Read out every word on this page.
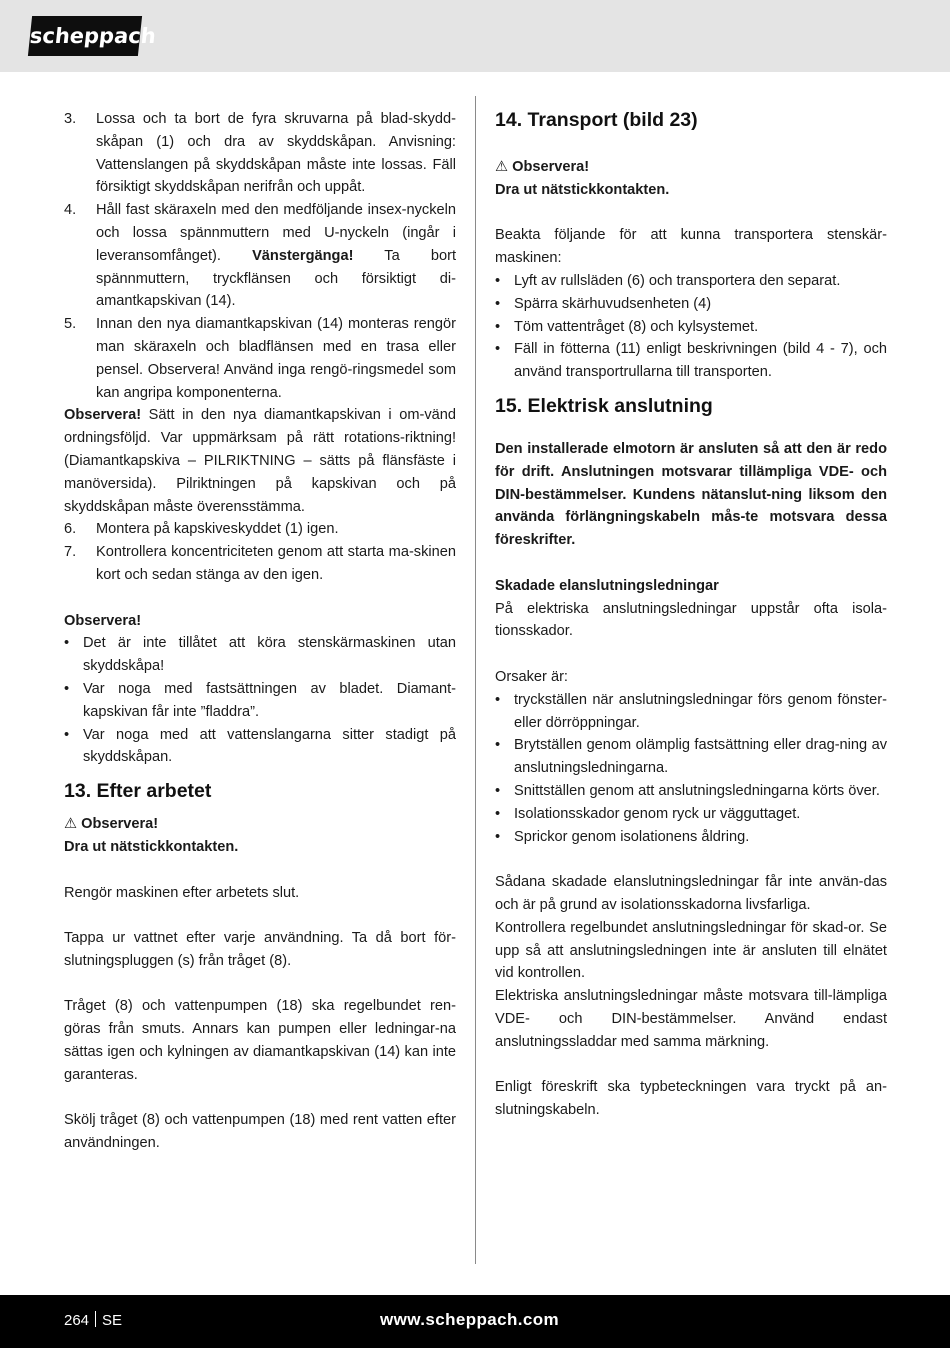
scheppach
3.	Lossa och ta bort de fyra skruvarna på blad-skydd-skåpan (1) och dra av skyddskåpan. Anvisning: Vattenslangen på skyddskåpan måste inte lossas. Fäll försiktigt skyddskåpan nerifrån och uppåt.
4.	Håll fast skäraxeln med den medföljande insex-nyckeln och lossa spännmuttern med U-nyckeln (ingår i leveransomfånget). Vänstergänga! Ta bort spännmuttern, tryckflänsen och försiktigt di-amantkapskivan (14).
5.	Innan den nya diamantkapskivan (14) monteras rengör man skäraxeln och bladflänsen med en trasa eller pensel. Observera! Använd inga rengö-ringsmedel som kan angripa komponenterna.

Observera! Sätt in den nya diamantkapskivan i om-vänd ordningsföljd. Var uppmärksam på rätt rotations-riktning! (Diamantkapskiva – PILRIKTNING – sätts på flänsfäste i manöversida). Pilriktningen på kapskivan och på skyddskåpan måste överensstämma.

6.	Montera på kapskiveskyddet (1) igen.
7.	Kontrollera koncentriciteten genom att starta ma-skinen kort och sedan stänga av den igen.

Observera!

• Det är inte tillåtet att köra stenskärmaskinen utan skyddskåpa!
• Var noga med fastsättningen av bladet. Diamant-kapskivan får inte ”fladdra”.
• Var noga med att vattenslangarna sitter stadigt på skyddskåpan.
13. Efter arbetet

⚠ Observera!

Dra ut nätstickkontakten.

Rengör maskinen efter arbetets slut.

Tappa ur vattnet efter varje användning. Ta då bort för-slutningspluggen (s) från tråget (8).

Tråget (8) och vattenpumpen (18) ska regelbundet ren-göras från smuts. Annars kan pumpen eller ledningar-na sättas igen och kylningen av diamantkapskivan (14) kan inte garanteras.

Skölj tråget (8) och vattenpumpen (18) med rent vatten efter användningen.

14. Transport (bild 23)

⚠ Observera!

Dra ut nätstickkontakten.

Beakta följande för att kunna transportera stenskär-maskinen:

• Lyft av rullsläden (6) och transportera den separat.
• Spärra skärhuvudsenheten (4)
• Töm vattentråget (8) och kylsystemet.
• Fäll in fötterna (11) enligt beskrivningen (bild 4 - 7), och använd transportrullarna till transporten.
15. Elektrisk anslutning

Den installerade elmotorn är ansluten så att den är redo för drift. Anslutningen motsvarar tillämpliga VDE- och DIN-bestämmelser. Kundens nätanslut-ning liksom den använda förlängningskabeln mås-te motsvara dessa föreskrifter.

Skadade elanslutningsledningar

På elektriska anslutningsledningar uppstår ofta isola-tionsskador.

Orsaker är:

• tryckställen när anslutningsledningar förs genom fönster- eller dörröppningar.
• Brytställen genom olämplig fastsättning eller drag-ning av anslutningsledningarna.
• Snittställen genom att anslutningsledningarna körts över.
• Isolationsskador genom ryck ur vägguttaget.
• Sprickor genom isolationens åldring.

Sådana skadade elanslutningsledningar får inte använ-das och är på grund av isolationsskadorna livsfarliga.

Kontrollera regelbundet anslutningsledningar för skad-or. Se upp så att anslutningsledningen inte är ansluten till elnätet vid kontrollen.

Elektriska anslutningsledningar måste motsvara till-lämpliga VDE- och DIN-bestämmelser. Använd endast anslutningssladdar med samma märkning.

Enligt föreskrift ska typbeteckningen vara tryckt på an-slutningskabeln.

264 SE	www.scheppach.com
